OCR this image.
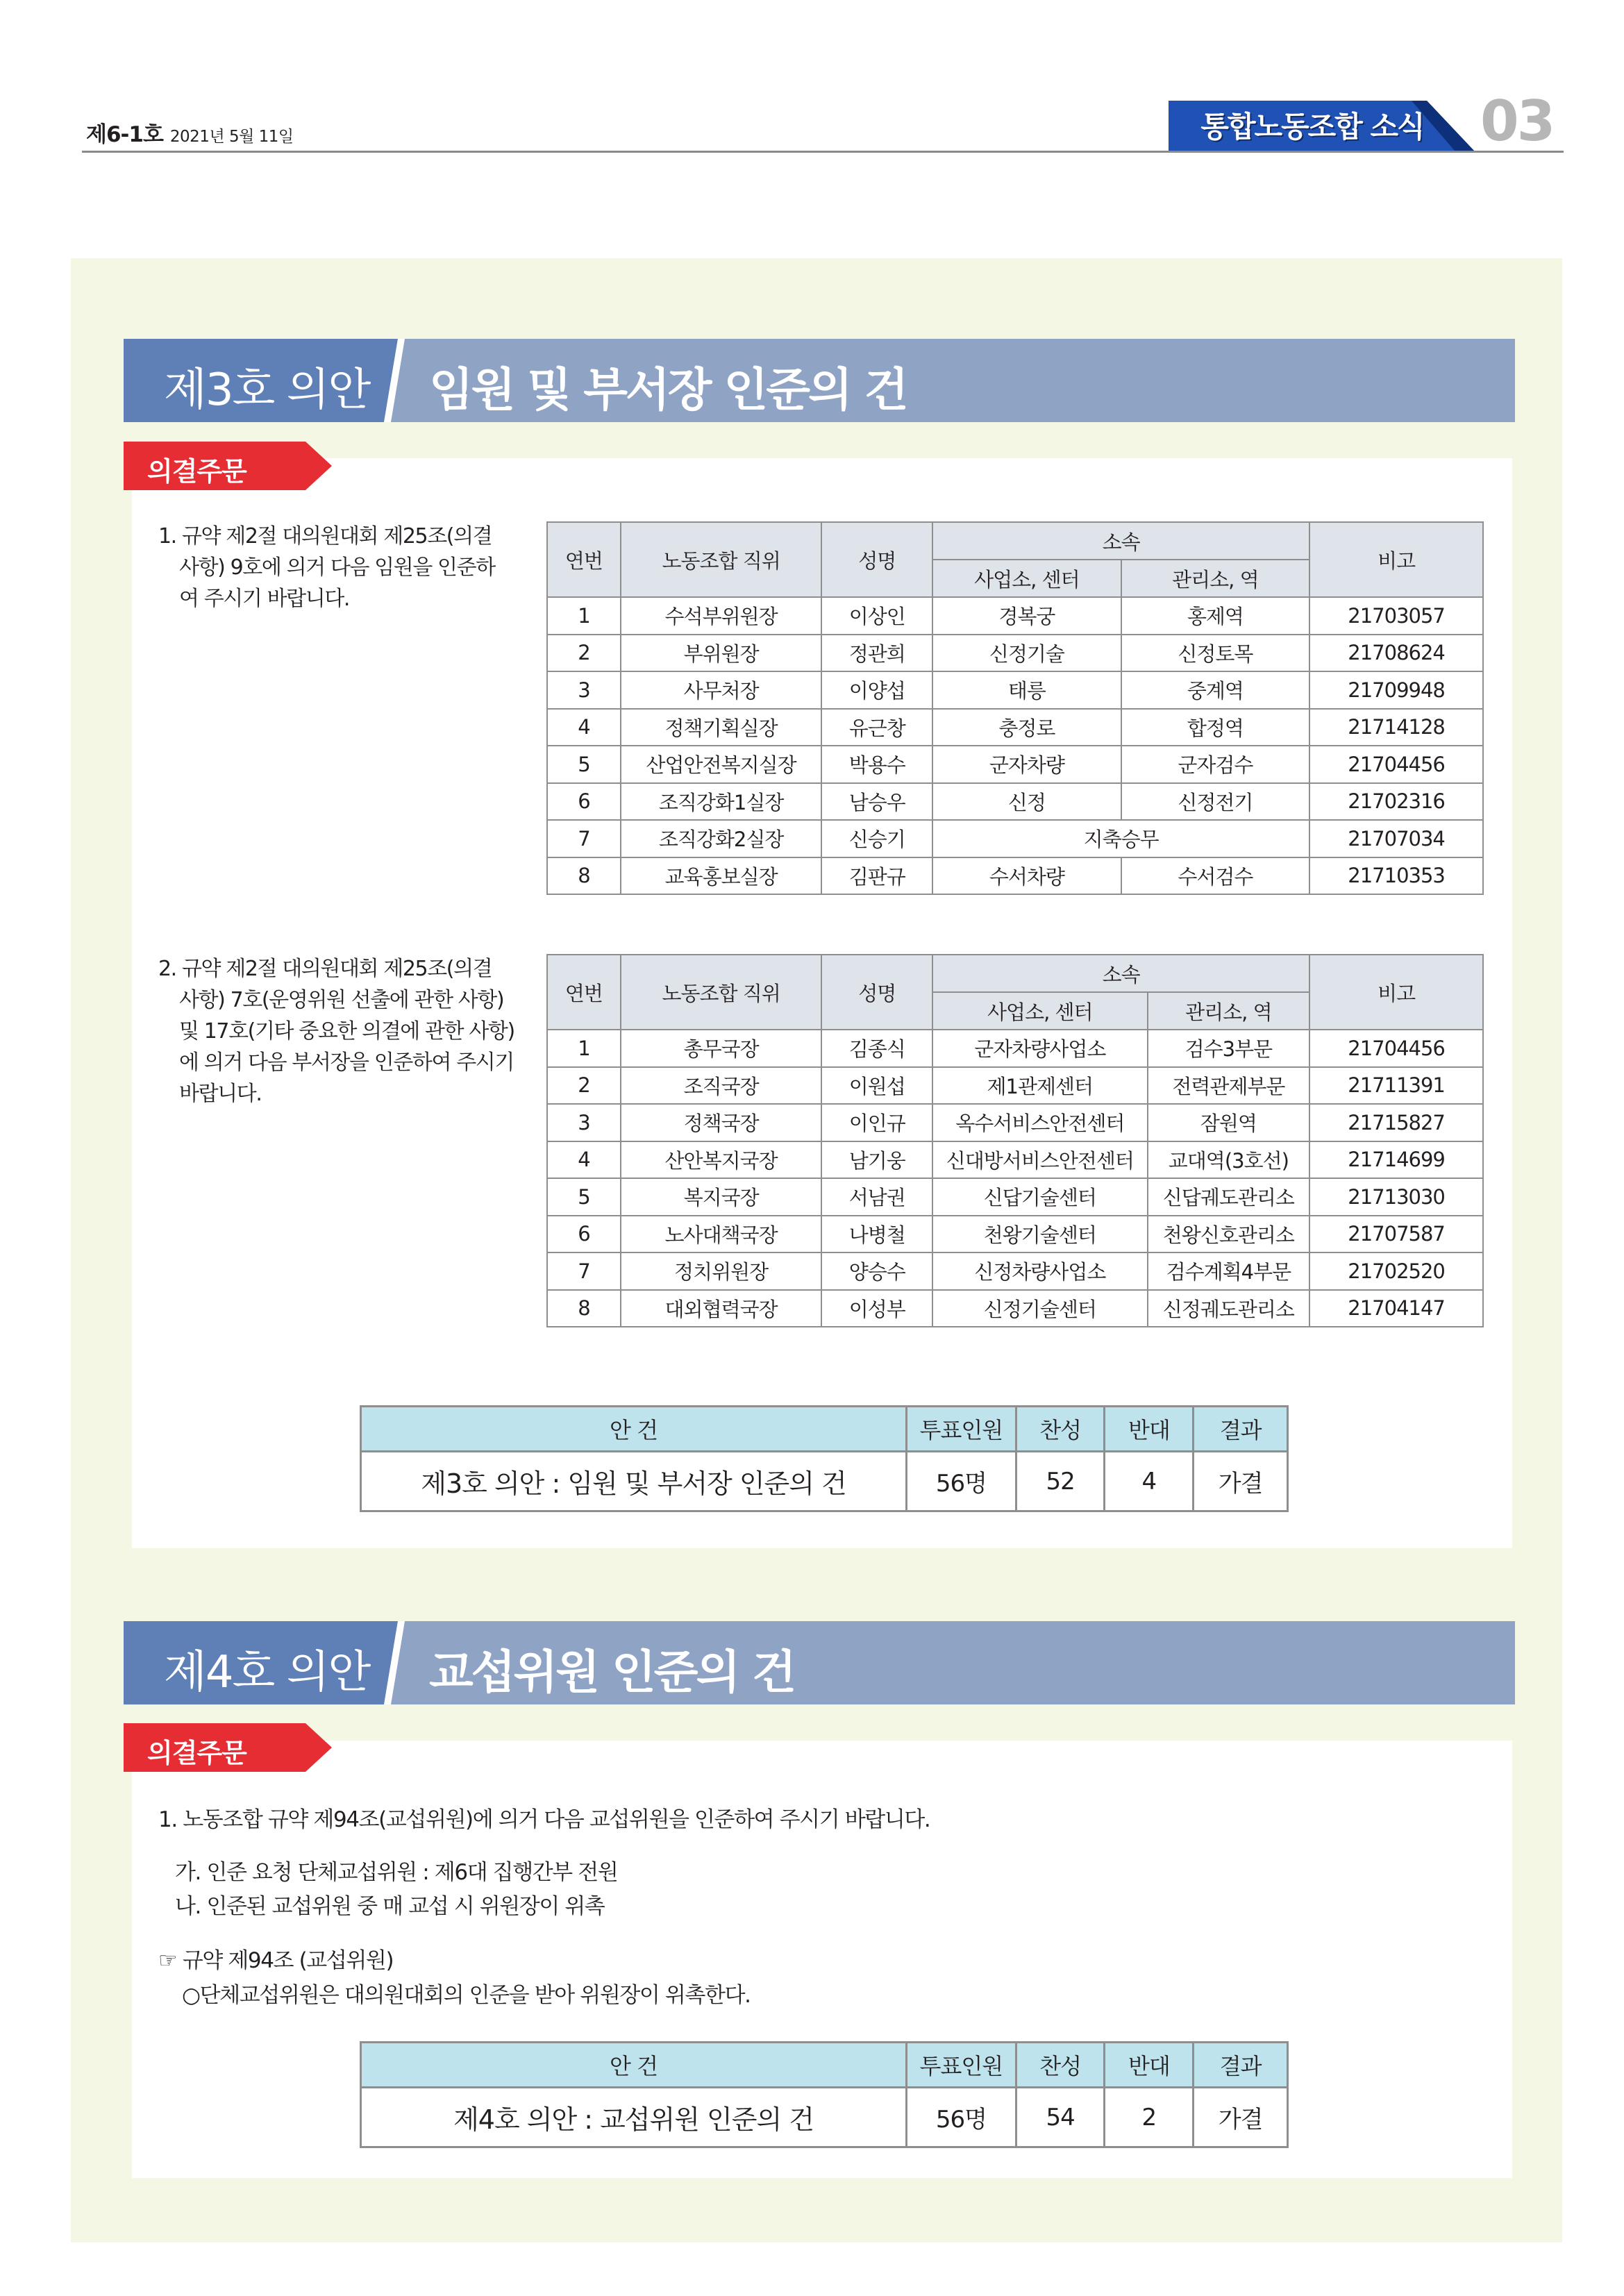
제6-1호 2021년 5월 11일	통합노동조합 소식	03
제3호 의안 임원 및 부서장 인준의 건
의결주문
1. 규약 제2절 대의원대회 제25조(의결
사항) 9호에 의거 다음 임원을 인준하
여 주시기 바랍니다.
연번	노동조합 직위	성명	소속		비고
			사업소, 센터	관리소, 역	
1	수석부위원장	이상인	경복궁	홍제역	21703057
2	부위원장	정관희	신정기술	신정토목	21708624
3	사무처장	이양섭	태릉	중계역	21709948
4	정책기획실장	유근창	충정로	합정역	21714128
5	산업안전복지실장	박용수	군자차량	군자검수	21704456
6	조직강화1실장	남승우	신정	신정전기	21702316
7	조직강화2실장	신승기	지축승무		21707034
8	교육홍보실장	김판규	수서차량	수서검수	21710353
2. 규약 제2절 대의원대회 제25조(의결
사항) 7호(운영위원 선출에 관한 사항)
및 17호(기타 중요한 의결에 관한 사항)
에 의거 다음 부서장을 인준하여 주시기
바랍니다.
연번	노동조합 직위	성명	소속		비고
			사업소, 센터	관리소, 역	
1	총무국장	김종식	군자차량사업소	검수3부문	21704456
2	조직국장	이원섭	제1관제센터	전력관제부문	21711391
3	정책국장	이인규	옥수서비스안전센터	잠원역	21715827
4	산안복지국장	남기웅	신대방서비스안전센터	교대역(3호선)	21714699
5	복지국장	서남권	신답기술센터	신답궤도관리소	21713030
6	노사대책국장	나병철	천왕기술센터	천왕신호관리소	21707587
7	정치위원장	양승수	신정차량사업소	검수계획4부문	21702520
8	대외협력국장	이성부	신정기술센터	신정궤도관리소	21704147
안 건	투표인원	찬성	반대	결과
제3호 의안 : 임원 및 부서장 인준의 건	56명	52	4	가결
제4호 의안 교섭위원 인준의 건
의결주문
1. 노동조합 규약 제94조(교섭위원)에 의거 다음 교섭위원을 인준하여 주시기 바랍니다.
가. 인준 요청 단체교섭위원 : 제6대 집행간부 전원
나. 인준된 교섭위원 중 매 교섭 시 위원장이 위촉
☞ 규약 제94조 (교섭위원)
○단체교섭위원은 대의원대회의 인준을 받아 위원장이 위촉한다.
안 건	투표인원	찬성	반대	결과
제4호 의안 : 교섭위원 인준의 건	56명	54	2	가결
